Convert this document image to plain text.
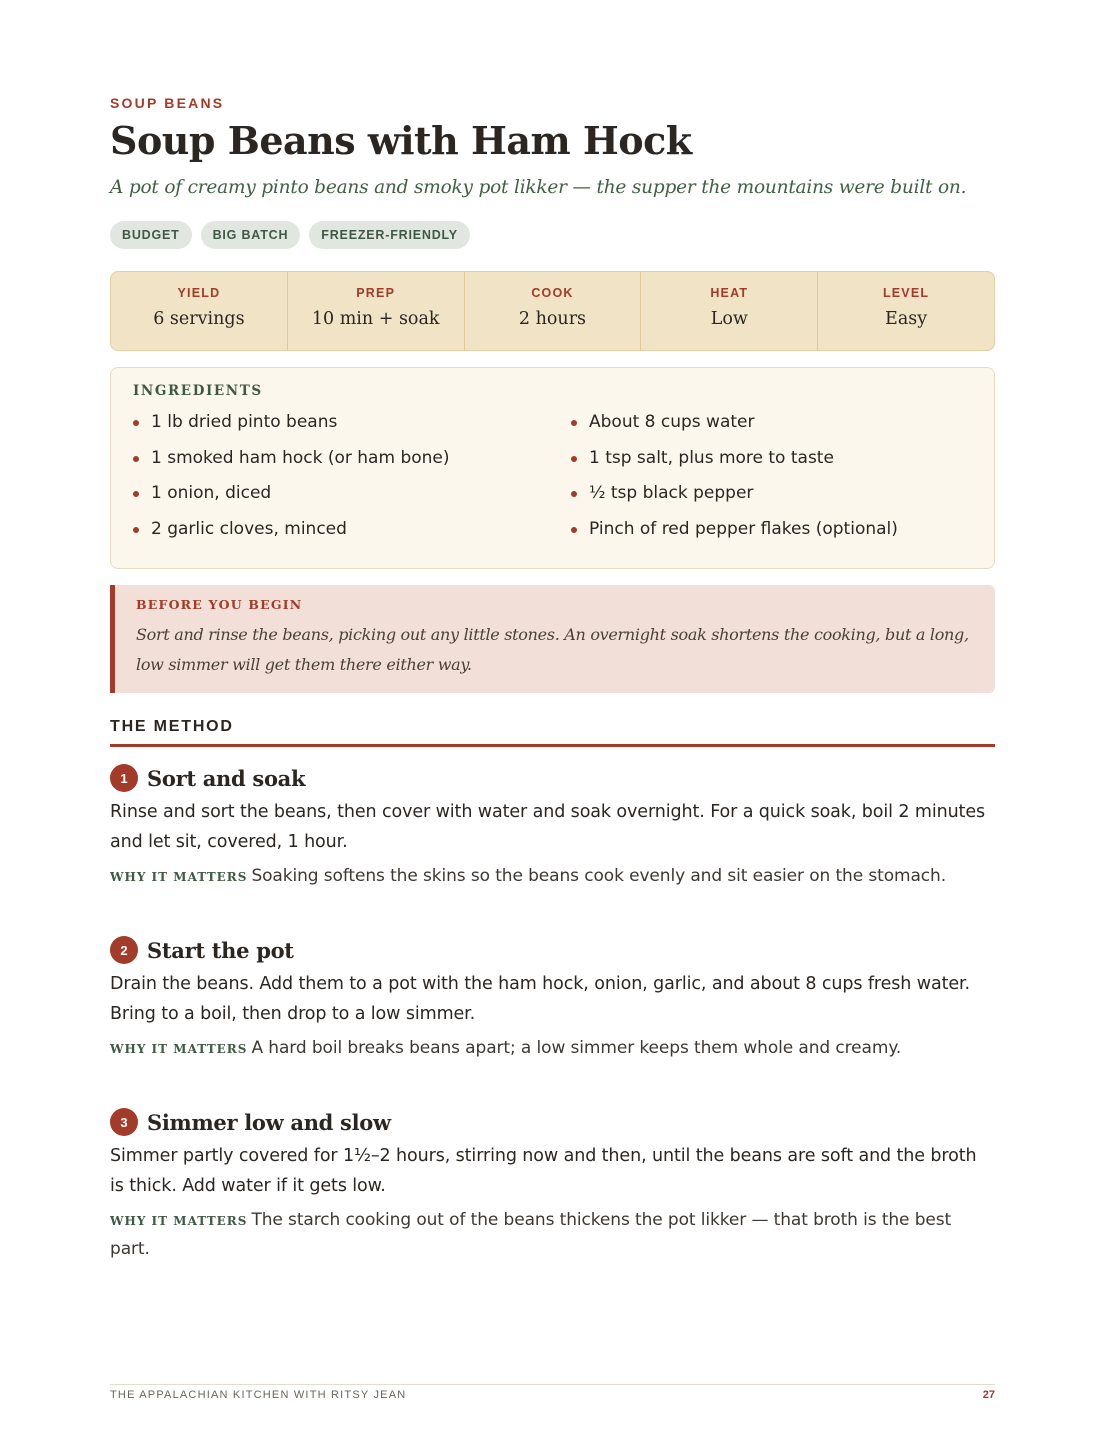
SOUP BEANS
Soup Beans with Ham Hock
A pot of creamy pinto beans and smoky pot likker — the supper the mountains were built on.
BUDGET	BIG BATCH	FREEZER-FRIENDLY
YIELD
6 servings
PREP
10 min + soak
COOK
2 hours
HEAT
Low
LEVEL
Easy
INGREDIENTS
1 lb dried pinto beans
1 smoked ham hock (or ham bone)
1 onion, diced
2 garlic cloves, minced
About 8 cups water
1 tsp salt, plus more to taste
½ tsp black pepper
Pinch of red pepper flakes (optional)
BEFORE YOU BEGIN
Sort and rinse the beans, picking out any little stones. An overnight soak shortens the cooking, but a long, low simmer will get them there either way.
THE METHOD
1 Sort and soak
Rinse and sort the beans, then cover with water and soak overnight. For a quick soak, boil 2 minutes and let sit, covered, 1 hour.
WHY IT MATTERS Soaking softens the skins so the beans cook evenly and sit easier on the stomach.
2 Start the pot
Drain the beans. Add them to a pot with the ham hock, onion, garlic, and about 8 cups fresh water. Bring to a boil, then drop to a low simmer.
WHY IT MATTERS A hard boil breaks beans apart; a low simmer keeps them whole and creamy.
3 Simmer low and slow
Simmer partly covered for 1½–2 hours, stirring now and then, until the beans are soft and the broth is thick. Add water if it gets low.
WHY IT MATTERS The starch cooking out of the beans thickens the pot likker — that broth is the best part.
THE APPALACHIAN KITCHEN WITH RITSY JEAN	27
